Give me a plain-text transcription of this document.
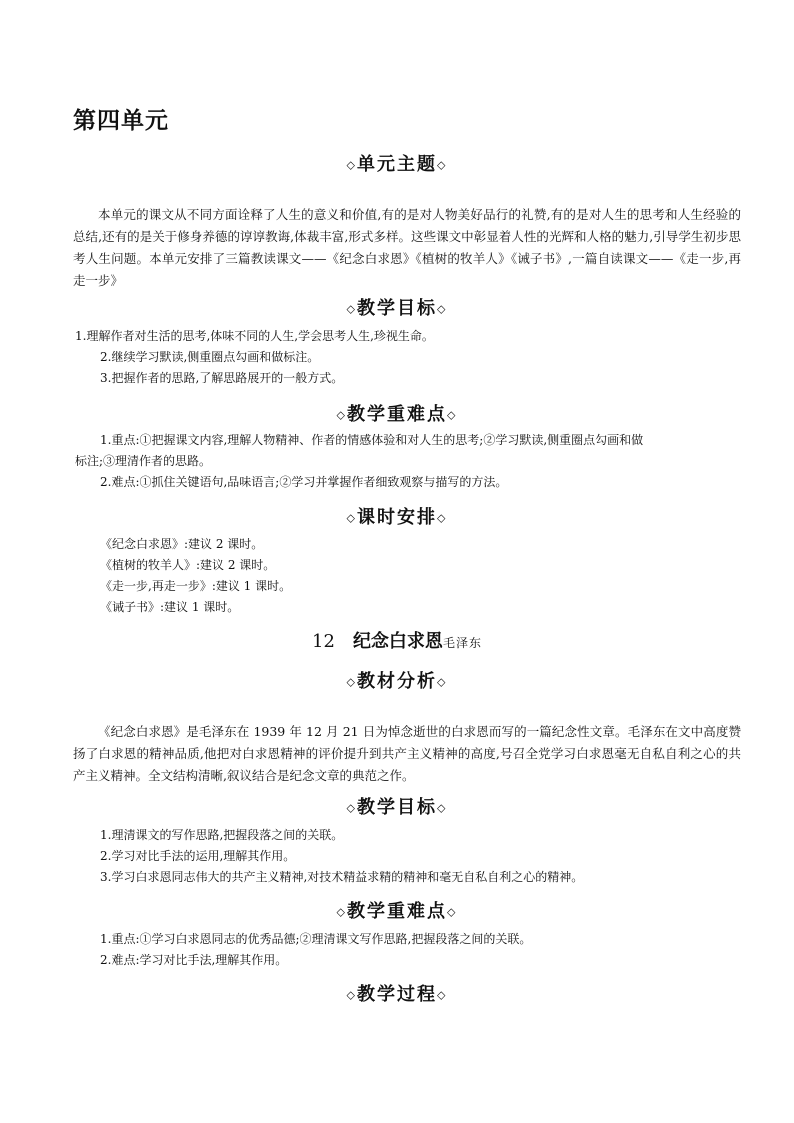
第四单元
◇单元主题◇
本单元的课文从不同方面诠释了人生的意义和价值,有的是对人物美好品行的礼赞,有的是对人生的思考和人生经验的总结,还有的是关于修身养德的谆谆教诲,体裁丰富,形式多样。这些课文中彰显着人性的光辉和人格的魅力,引导学生初步思考人生问题。本单元安排了三篇教读课文——《纪念白求恩》《植树的牧羊人》《诫子书》,一篇自读课文——《走一步,再走一步》
◇教学目标◇
1.理解作者对生活的思考,体味不同的人生,学会思考人生,珍视生命。
2.继续学习默读,侧重圈点勾画和做标注。
3.把握作者的思路,了解思路展开的一般方式。
◇教学重难点◇
1.重点:①把握课文内容,理解人物精神、作者的情感体验和对人生的思考;②学习默读,侧重圈点勾画和做
标注;③理清作者的思路。
2.难点:①抓住关键语句,品味语言;②学习并掌握作者细致观察与描写的方法。
◇课时安排◇
《纪念白求恩》:建议 2 课时。
《植树的牧羊人》:建议 2 课时。
《走一步,再走一步》:建议 1 课时。
《诫子书》:建议 1 课时。
12 纪念白求恩毛泽东
◇教材分析◇
《纪念白求恩》是毛泽东在 1939 年 12 月 21 日为悼念逝世的白求恩而写的一篇纪念性文章。毛泽东在文中高度赞扬了白求恩的精神品质,他把对白求恩精神的评价提升到共产主义精神的高度,号召全党学习白求恩毫无自私自利之心的共产主义精神。全文结构清晰,叙议结合是纪念文章的典范之作。
◇教学目标◇
1.理清课文的写作思路,把握段落之间的关联。
2.学习对比手法的运用,理解其作用。
3.学习白求恩同志伟大的共产主义精神,对技术精益求精的精神和毫无自私自利之心的精神。
◇教学重难点◇
1.重点:①学习白求恩同志的优秀品德;②理清课文写作思路,把握段落之间的关联。
2.难点:学习对比手法,理解其作用。
◇教学过程◇
